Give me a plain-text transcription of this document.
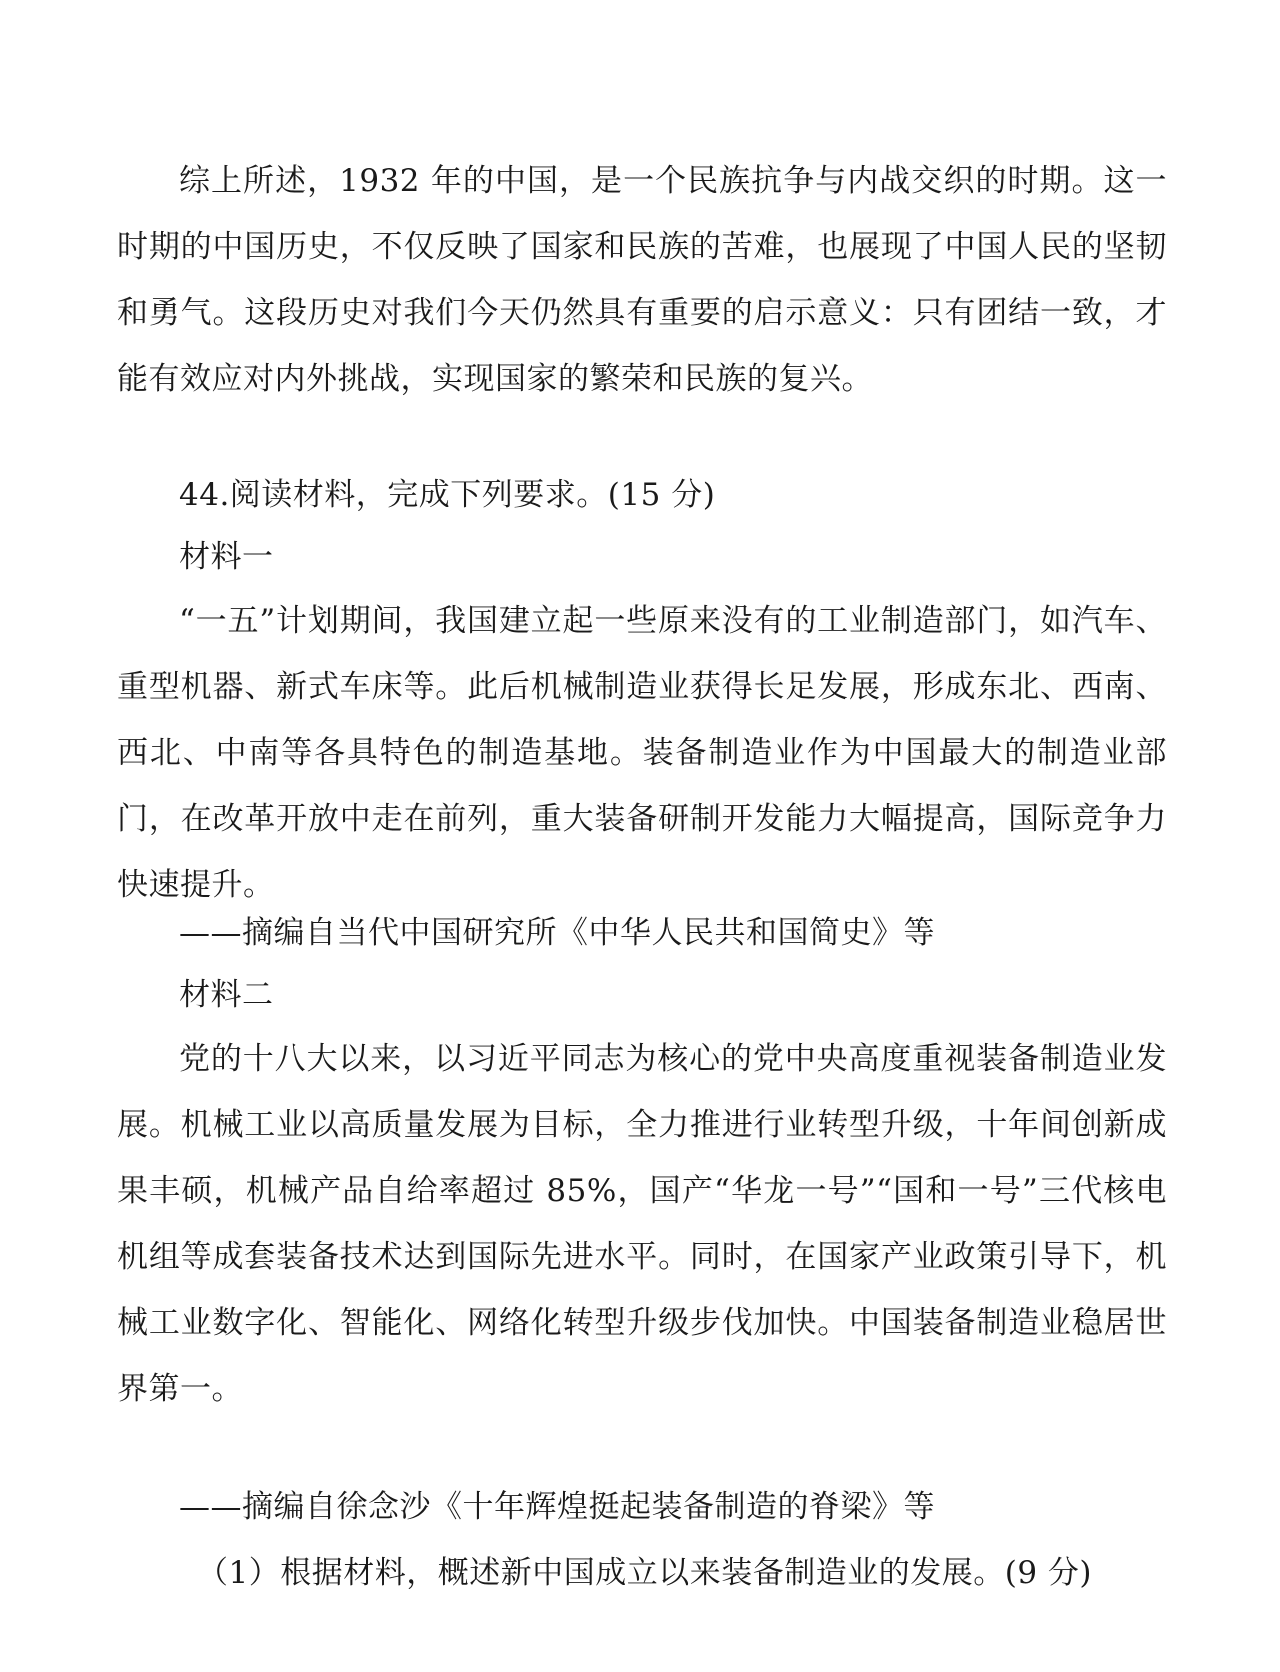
综上所述，1932 年的中国，是一个民族抗争与内战交织的时期。这一时期的中国历史，不仅反映了国家和民族的苦难，也展现了中国人民的坚韧和勇气。这段历史对我们今天仍然具有重要的启示意义：只有团结一致，才能有效应对内外挑战，实现国家的繁荣和民族的复兴。

44.阅读材料，完成下列要求。(15 分)

材料一

“一五”计划期间，我国建立起一些原来没有的工业制造部门，如汽车、重型机器、新式车床等。此后机械制造业获得长足发展，形成东北、西南、西北、中南等各具特色的制造基地。装备制造业作为中国最大的制造业部门，在改革开放中走在前列，重大装备研制开发能力大幅提高，国际竞争力快速提升。

——摘编自当代中国研究所《中华人民共和国简史》等

材料二

党的十八大以来，以习近平同志为核心的党中央高度重视装备制造业发展。机械工业以高质量发展为目标，全力推进行业转型升级，十年间创新成果丰硕，机械产品自给率超过 85%，国产“华龙一号”“国和一号”三代核电机组等成套装备技术达到国际先进水平。同时，在国家产业政策引导下，机械工业数字化、智能化、网络化转型升级步伐加快。中国装备制造业稳居世界第一。

——摘编自徐念沙《十年辉煌挺起装备制造的脊梁》等

（1）根据材料，概述新中国成立以来装备制造业的发展。(9 分)
